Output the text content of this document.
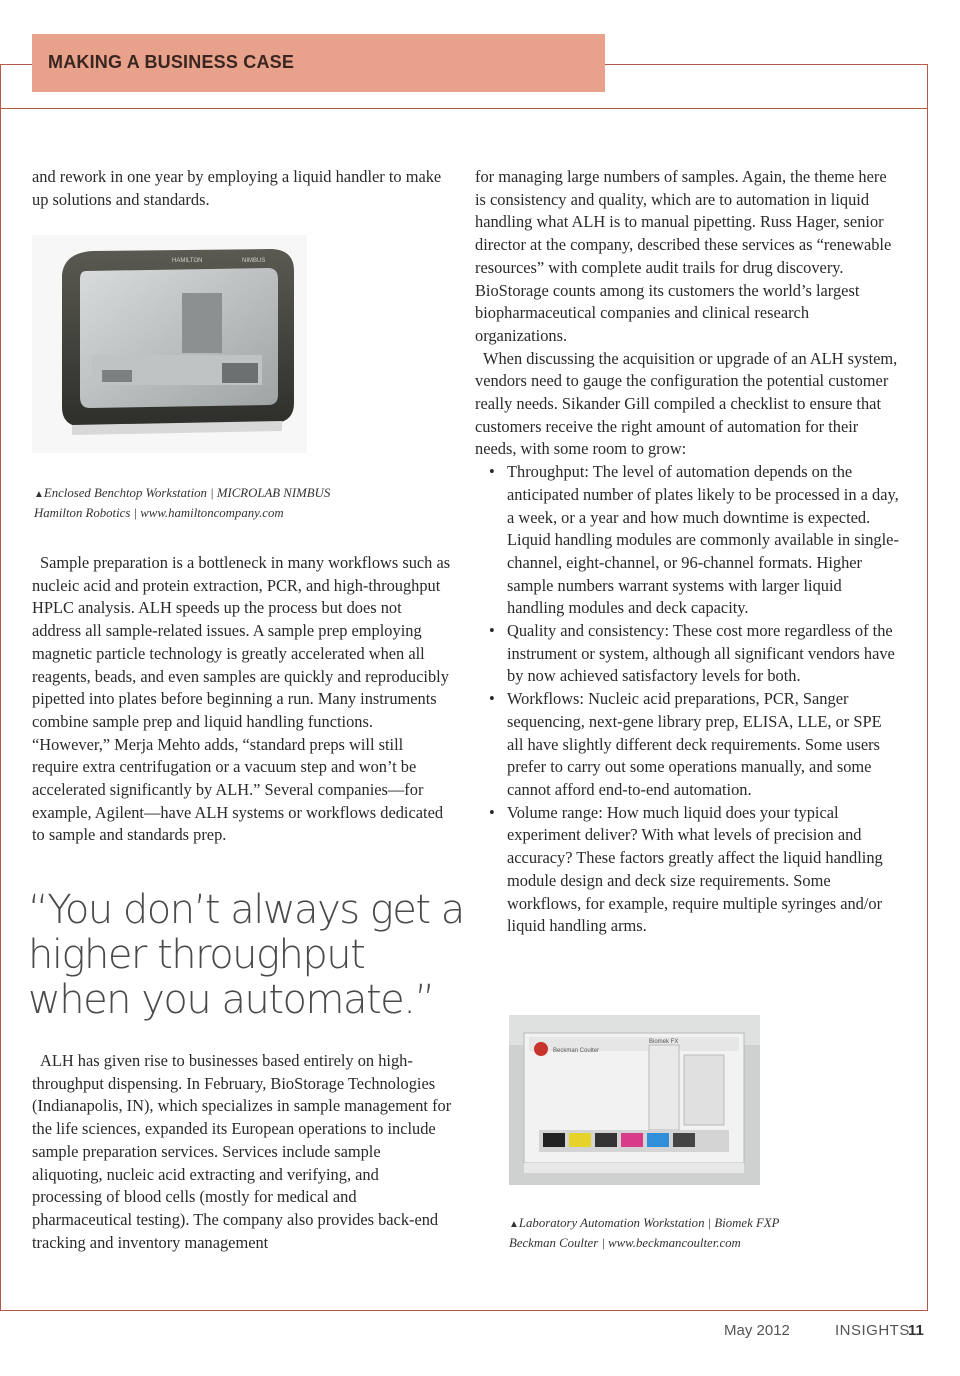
MAKING A BUSINESS CASE

and rework in one year by employing a liquid handler to make up solutions and standards.

HAMILTON	NIMBUS
▲Enclosed Benchtop Workstation | MICROLAB NIMBUS
Hamilton Robotics | www.hamiltoncompany.com

Sample preparation is a bottleneck in many workflows such as nucleic acid and protein extraction, PCR, and high-throughput HPLC analysis. ALH speeds up the process but does not address all sample-related issues. A sample prep employing magnetic particle technology is greatly accelerated when all reagents, beads, and even samples are quickly and reproducibly pipetted into plates before beginning a run. Many instruments combine sample prep and liquid handling functions. “However,” Merja Mehto adds, “standard preps will still require extra centrifugation or a vacuum step and won’t be accelerated significantly by ALH.” Several companies—for example, Agilent—have ALH systems or workflows dedicated to sample and standards prep.

“You don’t always get a higher throughput when you automate.”

ALH has given rise to businesses based entirely on high-throughput dispensing. In February, BioStorage Technologies (Indianapolis, IN), which specializes in sample management for the life sciences, expanded its European operations to include sample preparation services. Services include sample aliquoting, nucleic acid extracting and verifying, and processing of blood cells (mostly for medical and pharmaceutical testing). The company also provides back-end tracking and inventory management

for managing large numbers of samples. Again, the theme here is consistency and quality, which are to automation in liquid handling what ALH is to manual pipetting. Russ Hager, senior director at the company, described these services as “renewable resources” with complete audit trails for drug discovery. BioStorage counts among its customers the world’s largest biopharmaceutical companies and clinical research organizations.

When discussing the acquisition or upgrade of an ALH system, vendors need to gauge the configuration the potential customer really needs. Sikander Gill compiled a checklist to ensure that customers receive the right amount of automation for their needs, with some room to grow:

• Throughput: The level of automation depends on the anticipated number of plates likely to be processed in a day, a week, or a year and how much downtime is expected. Liquid handling modules are commonly available in single-channel, eight-channel, or 96-channel formats. Higher sample numbers warrant systems with larger liquid handling modules and deck capacity.
• Quality and consistency: These cost more regardless of the instrument or system, although all significant vendors have by now achieved satisfactory levels for both.
• Workflows: Nucleic acid preparations, PCR, Sanger sequencing, next-gene library prep, ELISA, LLE, or SPE all have slightly different deck requirements. Some users prefer to carry out some operations manually, and some cannot afford end-to-end automation.
• Volume range: How much liquid does your typical experiment deliver? With what levels of precision and accuracy? These factors greatly affect the liquid handling module design and deck size requirements. Some workflows, for example, require multiple syringes and/or liquid handling arms.
Beckman Coulter
Biomek FX
▲Laboratory Automation Workstation | Biomek FXP
Beckman Coulter | www.beckmancoulter.com
May 2012	INSIGHTS
11
